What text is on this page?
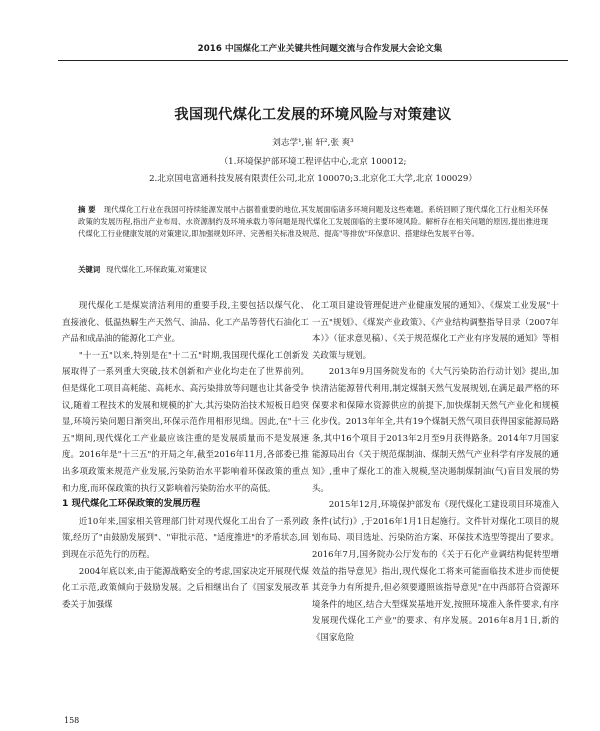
2016 中国煤化工产业关键共性问题交流与合作发展大会论文集
我国现代煤化工发展的环境风险与对策建议
刘志学¹,崔 轩²,张 爽³
（1.环境保护部环境工程评估中心,北京 100012;
2.北京国电富通科技发展有限责任公司,北京 100070;3.北京化工大学,北京 100029）
摘 要 现代煤化工行业在我国可持续能源发展中占据着重要的地位,其发展面临诸多环境问题及这些难题。系统回顾了现代煤化工行业相关环保政策的发展历程,指出产业布局、水资源制约及环境承载力等问题是现代煤化工发展面临的主要环境风险。解析存在相关问题的原因,提出推进现代煤化工行业健康发展的对策建议,即加强规划环评、完善相关标准及规范、提高"等排放"环保意识、搭建绿色发展平台等。
关键词 现代煤化工,环保政策,对策建议

现代煤化工是煤炭清洁利用的重要手段,主要包括以煤气化、直接液化、低温热解生产天然气、油品、化工产品等替代石油化工产品和成品油的能源化工产业。

"十一五"以来,特别是在"十二五"时期,我国现代煤化工创新发展取得了一系列重大突破,技术创新和产业化均走在了世界前列。但是煤化工项目高耗能、高耗水、高污染排放等问题也让其备受争议,随着工程技术的发展和规模的扩大,其污染防治技术短板日趋突显,环境污染问题日渐突出,环保示范作用相形见绌。因此,在"十三五"期间,现代煤化工产业最应该注重的是发展质量而不是发展速度。2016年是"十三五"的开局之年,截至2016年11月,各部委已推出多项政策来规范产业发展,污染防治水平影响着环保政策的重点和力度,而环保政策的执行又影响着污染防治水平的高低。

1 现代煤化工环保政策的发展历程

近10年来,国家相关管理部门针对现代煤化工出台了一系列政策,经历了"由鼓励发展到"、"审批示范、"适度推进"的矛盾状态,回到现在示范先行的历程。

2004年底以来,由于能源战略安全的考虑,国家决定开展现代煤化工示范,政策倾向于鼓励发展。之后相继出台了《国家发展改革委关于加强煤

化工项目建设管理促进产业健康发展的通知》、《煤炭工业发展"十一五"规划》、《煤炭产业政策》、《产业结构调整指导目录（2007年本）》（征求意见稿）、《关于规范煤化工产业有序发展的通知》等相关政策与规划。

2013年9月国务院发布的《大气污染防治行动计划》提出,加快清洁能源替代利用,制定煤制天然气发展规划,在满足最严格的环保要求和保障水资源供应的前提下,加快煤制天然气产业化和规模化步伐。2013年年全,共有19个煤制天然气项目获得国家能源局路条,其中16个项目于2013年2月至9月获得路条。2014年7月国家能源局出台《关于规范煤制油、煤制天然气产业科学有序发展的通知》,重申了煤化工的准入规模,坚决遏制煤制油(气)盲目发展的势头。

2015年12月,环境保护部发布《现代煤化工建设项目环境准入条件(试行)》,于2016年1月1日起施行。文件针对煤化工项目的规划布局、项目选址、污染防治方案、环保技术选型等提出了要求。2016年7月,国务院办公厅发布的《关于石化产业调结构促转型增效益的指导意见》指出,现代煤化工将来可能面临技术进步而使便其竞争力有所提升,但必须要遵照该指导意见"在中西部符合资源环境条件的地区,结合大型煤炭基地开发,按照环境准入条件要求,有序发展现代煤化工产业"的要求、有序发展。2016年8月1日,新的《国家危险

158
